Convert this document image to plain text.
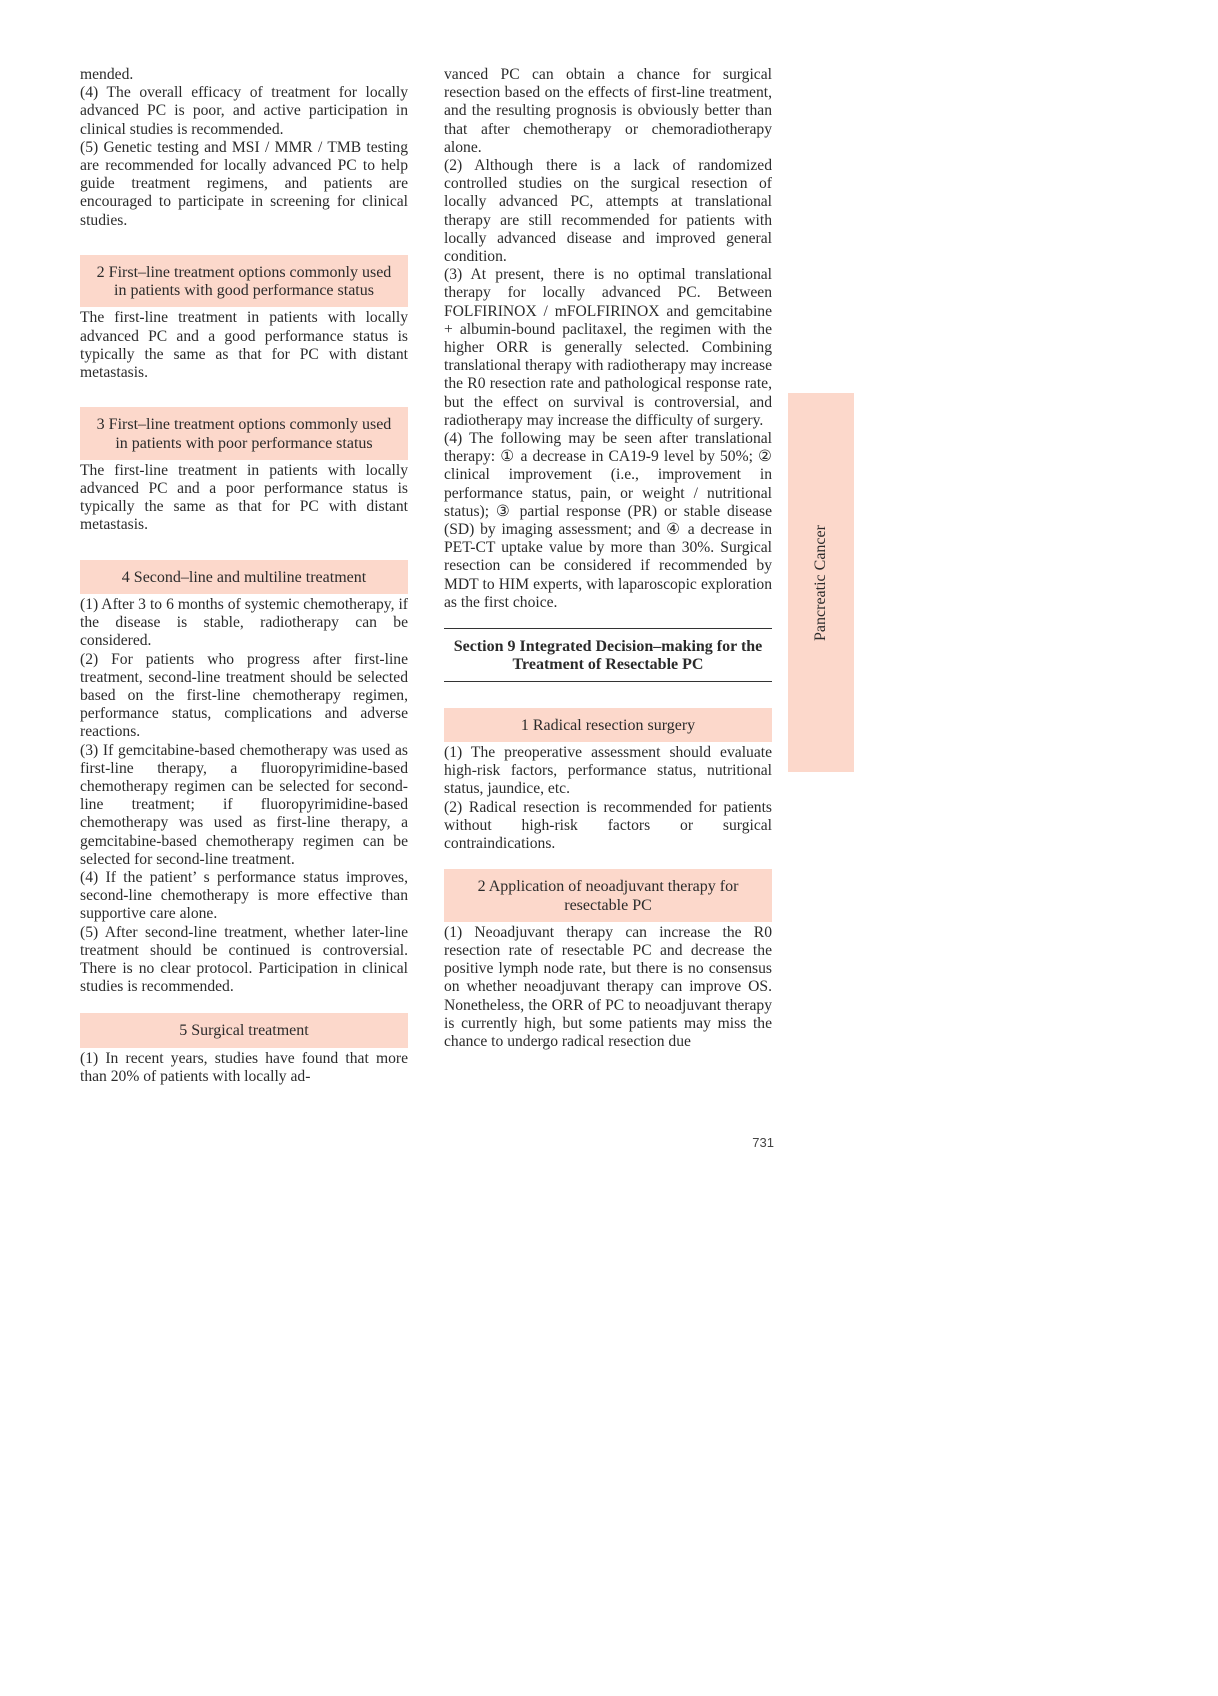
mended.

(4) The overall efficacy of treatment for locally advanced PC is poor, and active participation in clinical studies is recommended.

(5) Genetic testing and MSI / MMR / TMB testing are recommended for locally advanced PC to help guide treatment regimens, and patients are encouraged to participate in screening for clinical studies.

2 First–line treatment options commonly used in patients with good performance status

The first-line treatment in patients with locally advanced PC and a good performance status is typically the same as that for PC with distant metastasis.

3 First–line treatment options commonly used in patients with poor performance status

The first-line treatment in patients with locally advanced PC and a poor performance status is typically the same as that for PC with distant metastasis.

4 Second–line and multiline treatment

(1) After 3 to 6 months of systemic chemotherapy, if the disease is stable, radiotherapy can be considered.

(2) For patients who progress after first-line treatment, second-line treatment should be selected based on the first-line chemotherapy regimen, performance status, complications and adverse reactions.

(3) If gemcitabine-based chemotherapy was used as first-line therapy, a fluoropyrimidine-based chemotherapy regimen can be selected for second-line treatment; if fluoropyrimidine-based chemotherapy was used as first-line therapy, a gemcitabine-based chemotherapy regimen can be selected for second-line treatment.

(4) If the patient’ s performance status improves, second-line chemotherapy is more effective than supportive care alone.

(5) After second-line treatment, whether later-line treatment should be continued is controversial. There is no clear protocol. Participation in clinical studies is recommended.

5 Surgical treatment

(1) In recent years, studies have found that more than 20% of patients with locally ad-

vanced PC can obtain a chance for surgical resection based on the effects of first-line treatment, and the resulting prognosis is obviously better than that after chemotherapy or chemoradiotherapy alone.

(2) Although there is a lack of randomized controlled studies on the surgical resection of locally advanced PC, attempts at translational therapy are still recommended for patients with locally advanced disease and improved general condition.

(3) At present, there is no optimal translational therapy for locally advanced PC. Between FOLFIRINOX / mFOLFIRINOX and gemcitabine + albumin-bound paclitaxel, the regimen with the higher ORR is generally selected. Combining translational therapy with radiotherapy may increase the R0 resection rate and pathological response rate, but the effect on survival is controversial, and radiotherapy may increase the difficulty of surgery.

(4) The following may be seen after translational therapy: ① a decrease in CA19-9 level by 50%; ② clinical improvement (i.e., improvement in performance status, pain, or weight / nutritional status); ③ partial response (PR) or stable disease (SD) by imaging assessment; and ④ a decrease in PET-CT uptake value by more than 30%. Surgical resection can be considered if recommended by MDT to HIM experts, with laparoscopic exploration as the first choice.

Section 9 Integrated Decision–making for the Treatment of Resectable PC
1 Radical resection surgery

(1) The preoperative assessment should evaluate high-risk factors, performance status, nutritional status, jaundice, etc.

(2) Radical resection is recommended for patients without high-risk factors or surgical contraindications.

2 Application of neoadjuvant therapy for resectable PC

(1) Neoadjuvant therapy can increase the R0 resection rate of resectable PC and decrease the positive lymph node rate, but there is no consensus on whether neoadjuvant therapy can improve OS. Nonetheless, the ORR of PC to neoadjuvant therapy is currently high, but some patients may miss the chance to undergo radical resection due

Pancreatic Cancer
731
